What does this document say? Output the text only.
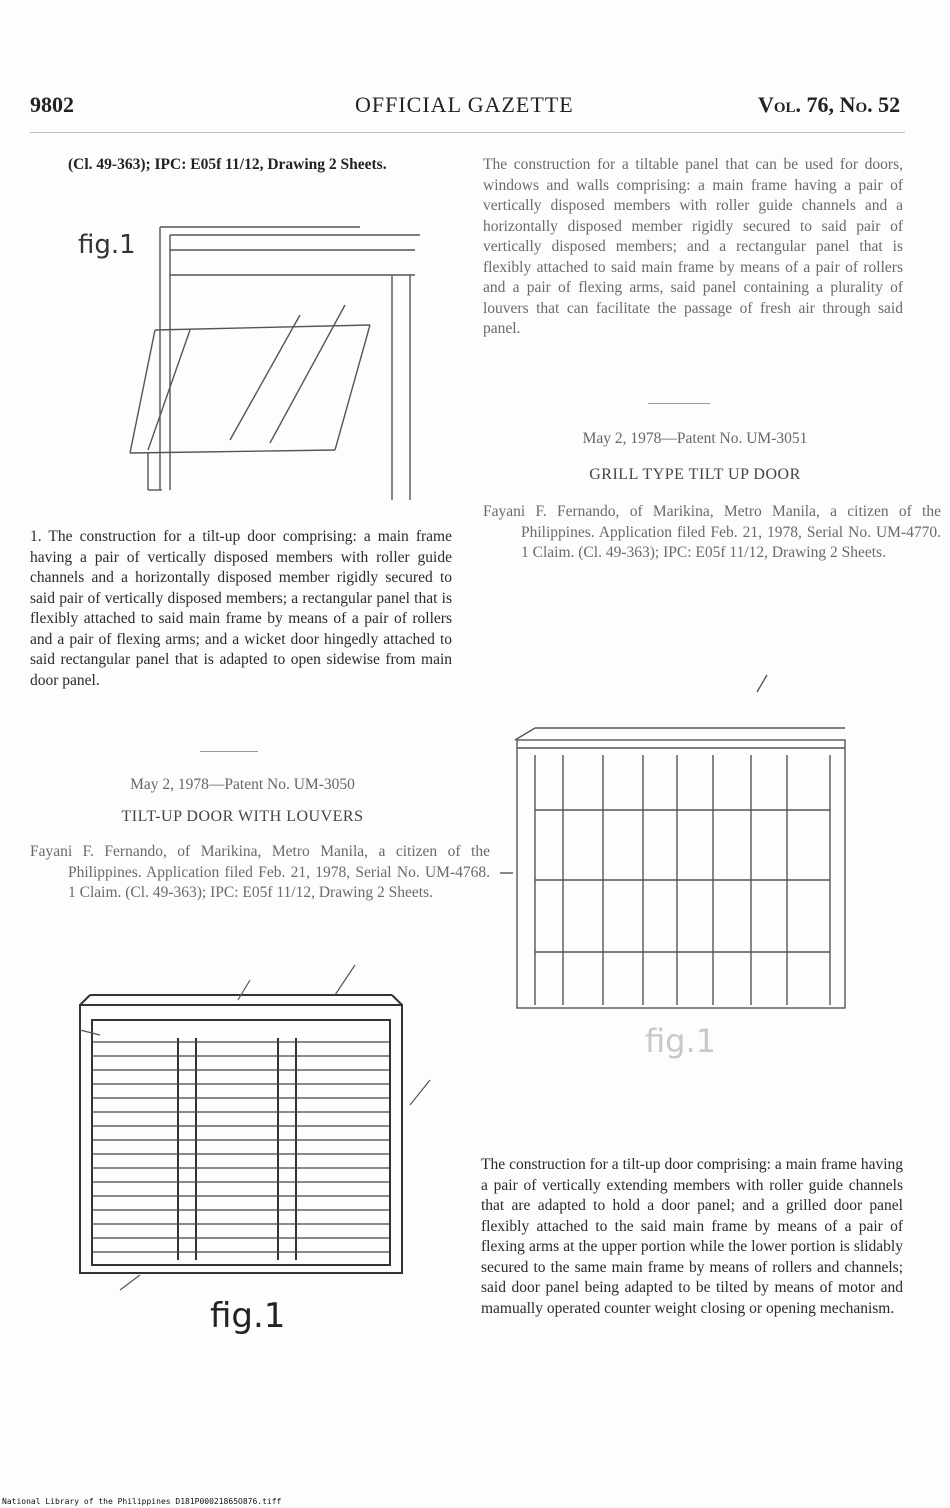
9802	OFFICIAL GAZETTE	Vol. 76, No. 52
(Cl. 49-363); IPC: E05f 11/12, Drawing 2 Sheets.
fig.1
1. The construction for a tilt-up door comprising: a main frame having a pair of vertically disposed members with roller guide channels and a horizontally disposed member rigidly secured to said pair of vertically disposed members; a rectangular panel that is flexibly attached to said main frame by means of a pair of rollers and a pair of flexing arms; and a wicket door hingedly attached to said rectangular panel that is adapted to open sidewise from main door panel.
May 2, 1978—Patent No. UM-3050
TILT-UP DOOR WITH LOUVERS
Fayani F. Fernando, of Marikina, Metro Manila, a citizen of the Philippines. Application filed Feb. 21, 1978, Serial No. UM-4768. 1 Claim. (Cl. 49-363); IPC: E05f 11/12, Drawing 2 Sheets.
fig.1
The construction for a tiltable panel that can be used for doors, windows and walls comprising: a main frame having a pair of vertically disposed members with roller guide channels and a horizontally disposed member rigidly secured to said pair of vertically disposed members; and a rectangular panel that is flexibly attached to said main frame by means of a pair of rollers and a pair of flexing arms, said panel containing a plurality of louvers that can facilitate the passage of fresh air through said panel.
May 2, 1978—Patent No. UM-3051
GRILL TYPE TILT UP DOOR
Fayani F. Fernando, of Marikina, Metro Manila, a citizen of the Philippines. Application filed Feb. 21, 1978, Serial No. UM-4770. 1 Claim. (Cl. 49-363); IPC: E05f 11/12, Drawing 2 Sheets.
fig.1
The construction for a tilt-up door comprising: a main frame having a pair of vertically extending members with roller guide channels that are adapted to hold a door panel; and a grilled door panel flexibly attached to the said main frame by means of a pair of flexing arms at the upper portion while the lower portion is slidably secured to the same main frame by means of rollers and channels; said door panel being adapted to be tilted by means of motor and mamually operated counter weight closing or opening mechanism.
National Library of the Philippines D181P00021865O876.tiff
